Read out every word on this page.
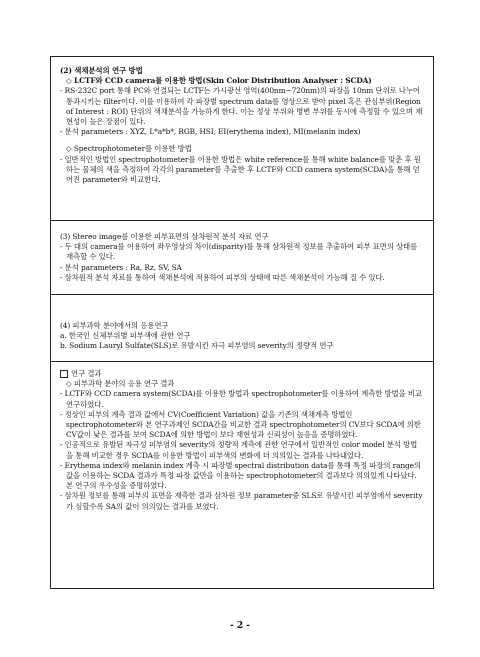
(2) 색채분석의 연구 방법

◇ LCTF와 CCD camera를 이용한 방법(Skin Color Distribution Analyser : SCDA)

- RS-232C port 통해 PC와 연결되는 LCTF는 가시광선 영역(400nm~720nm)의 파장을 10nm 단위로 나누어 통과시키는 filter이다. 이를 이용하여 각 파장별 spectrum data를 영상으로 받아 pixel 혹은 관심부위(Region of Interest : ROI) 단위의 색채분석을 가능하게 한다. 이는 정상 부위와 병변 부위를 동시에 측정할 수 있으며 재현성이 높은 장점이 있다.

- 분석 parameters : XYZ, L*a*b*, RGB, HSI, EI(erythema index), MI(melanin index)

◇ Spectrophotometer를 이용한 방법

- 일반적인 방법인 spectrophotometer를 이용한 방법은 white reference를 통해 white balance를 맞춘 후 원하는 물체의 색을 측정하여 각각의 parameter를 추출한 후 LCTF와 CCD camera system(SCDA)을 통해 얻어진 parameter와 비교한다.

(3) Stereo image를 이용한 피부표면의 삼차원적 분석 자료 연구

- 두 대의 camera를 이용하여 좌우영상의 차이(disparity)를 통해 삼차원적 정보를 추출하여 피부 표면의 상태를 재측할 수 있다.

- 분석 parameters : Ra, Rz, SV, SA

- 삼차원적 분석 자료를 통하여 색채분석에 적용하여 피부의 상태에 따른 색채분석이 가능해 질 수 있다.

(4) 피부과학 분야에서의 응용연구

a. 한국인 신체부위별 피부색에 관한 연구

b. Sodium Lauryl Sulfate(SLS)로 유발시킨 자극 피부염의 severity의 정량적 연구

연구 결과

◇ 피부과학 분야의 응용 연구 결과

- LCTF와 CCD camera system(SCDA)를 이용한 방법과 spectrophotometer를 이용하여 계측한 방법을 비교 연구하였다.

- 정상인 피부의 계측 결과 값에서 CV(Coefficient Variation) 값을 기존의 색채계측 방법인 spectrophotometer와 본 연구과제인 SCDA간을 비교한 결과 spectrophotometer의 CV보다 SCDA에 의한 CV값이 낮은 결과를 보여 SCDA에 의한 방법이 보다 재현성과 신뢰성이 높음을 증명하였다.

- 인공적으로 유발된 자극성 피부염의 severity의 정량적 계측에 관한 연구에서 일반적인 color model 분석 방법을 통해 비교한 경우 SCDA를 이용한 방법이 피부색의 변화에 더 의의있는 결과를 나타내었다.

- Erythema index와 melanin index 계측 시 파장별 spectral distribution data를 통해 특정 파장의 range의 값을 이용하는 SCDA 결과가 특정 파장 값만을 이용하는 spectrophotometer의 결과보다 의의있게 나타났다. 본 연구의 우수성을 증명하였다.

- 삼차원 정보를 통해 피부의 표면을 재측한 결과 삼차원 정보 parameter중 SLS로 유발시킨 피부염에서 severity가 심할수록 SA의 값이 의의있는 결과를 보였다.

- 2 -
